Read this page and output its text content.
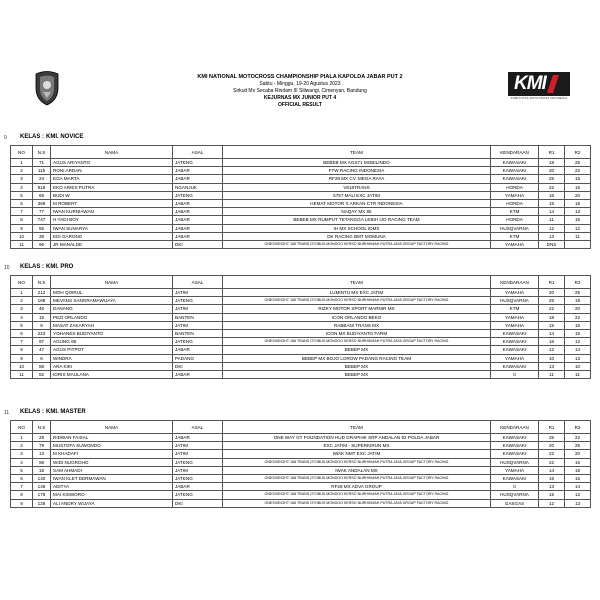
KMI NATIONAL MOTOCROSS CHAMPIONSHIP PIALA KAPOLDA JABAR PUT 2
Sabtu - Minggu, 19-20 Agustus 2023
Sirkuit Mx Secaba Rindam III Siliwangi, Cimenyan, Bandung
KEJURNAS MX JUNIOR PUT 4
OFFICIAL RESULT
KMI
KOMUNITAS MOTOCROSS INDONESIA
9 KELAS : KMI. NOVICE
NO	N.S	NAMA	ASAL	TEAM	KENDARAAN	R1	R2
1	71	AGUS ARIYANTO	JATENG	BEBEB MX AGS71 MOBILINDO	KAWASAKI	18	25
2	115	RONI ARDAN	JABAR	FTW RACING INDONESIA	KAWASAKI	20	22
3	24	EGA MARTA	JABAR	RF28 MX CV. MEGA RAYA	KAWASAKI	25	15
4	818	EKO ARIES PUTRA	NGANJUK	V818TRANS	HONDA	22	16
5	69	BUDI W	JATENG	5757 MAU EXC JATIM	YAMAHA	16	20
6	369	M ROBERT	JABAR	HEMAT MOTOR X ARKAN CTR INDONESIA	HONDA	15	18
7	77	IWAN KURNIAWAN	JABAR	NAQAY MX 85	KTM	14	13
8	747	H YADI BOY	JABAR	BEBEB MX RUMPUT TETANGGA LEBIH IJO RACING TEAM	HONDA	11	15
9	55	IWAN SUNARYA	JABAR	IH MX SCHOOL IDMX	HUSQVARNA	12	12
10	38	EDI GARONG	JABAR	DK RACING BMT MOMUNA	KTM	13	11
11	96	JR MANALDE	DKI	ONESIXEIGHT 168 TRANS OTOBUS MONGGO KERSO NURHIKMAH PUTRA JAYA GROUP FACTORY RACING	YAMAHA	DNS	
10 KELAS : KMI. PRO
NO	N.S	NAMA	ASAL	TEAM	KENDARAAN	R1	R2
1	212	MOH QOIRUL	JATIM	LUMINTU MX EXC JATIM	YAMAHA	20	25
2	168	MEVANS SANGRAMAWIJAYA	JATENG	ONESIXEIGHT 168 TRANS OTOBUS MONGGO KERSO NURHIKMAH PUTRA JAYA GROUP FACTORY RACING	HUSQVARNA	25	18
3	46	DANANG	JATIM	RIZKY MOTOR SPORT MARNIR MX	KTM	22	20
4	15	PEZI ORLANDO	BANTEN	ICON ORLANDO BEKO	YAMAHA	18	22
5	8	MASAT ZAKARYAH	JATIM	RABBANI TRANS MX	YAMAHA	15	16
6	223	YOHANES BUDIYANTO	BANTEN	ICON MX BUDIYANTO FARM	KAWASAKI	14	15
7	97	AGUNG 85	JATENG	ONESIXEIGHT 168 TRANS OTOBUS MONGGO KERSO NURHIKMAH PUTRA JAYA GROUP FACTORY RACING	KAWASAKI	16	12
8	47	AGUS PITPOT	JABAR	BEBEP MX	KAWASAKI	12	14
9	6	WINDRA	PADANG	BEBEP MX BOJO LOROW PADANG RACING TEAM	YAMAHA	10	13
10	88	ARA KIKI	DKI	BEBEP MX	KAWASAKI	13	10
11	82	IORIS MAULANA	JABAR	BEBEP MX	0	11	11
11 KELAS : KMI. MASTER
NO	N.S	NAMA	ASAL	TEAM	KENDARAAN	R1	R2
1	28	RIDWAN FAISAL	JABAR	ONE WAY GT FOUNDATION HUD GRAPHIK SRP ANDALAN 92 POLDA JABAR	KAWASAKI	25	22
2	79	MUSTOFA SUWONDO	JATIM	EXC JATIM - SUPERKIRUN MX	KAWASAKI	20	25
3	13	M KHADAFI	JATIM	IWAK NMT EXC JATIM	KAWASAKI	22	20
4	98	WIDI NUGROHO	JATENG	ONESIXEIGHT 168 TRANS OTOBUS MONGGO KERSO NURHIKMAH PUTRA JAYA GROUP FACTORY RACING	HUSQVARNA	22	16
5	18	SAM AHMADI	JATIM	IWAK ANDALAN MX	YAMAHA	14	18
6	140	IWAN KLET DERMAWAN	JATENG	ONESIXEIGHT 168 TRANS OTOBUS MONGGO KERSO NURHIKMAH PUTRA JAYA GROUP FACTORY RACING	KAWASAKI	16	15
7	146	ADITYA	JABAR	RF28 MX ADVA GROUP	0	13	14
8	178	MAI KISWORO	JATENG	ONESIXEIGHT 168 TRANS OTOBUS MONGGO KERSO NURHIKMAH PUTRA JAYA GROUP FACTORY RACING	HUSQVARNA	15	12
9	128	ALI ANDRY WIJAYA	DKI	ONESIXEIGHT 168 TRANS OTOBUS MONGGO KERSO NURHIKMAH PUTRA JAYA GROUP FACTORY RACING	GASGAS	12	13
